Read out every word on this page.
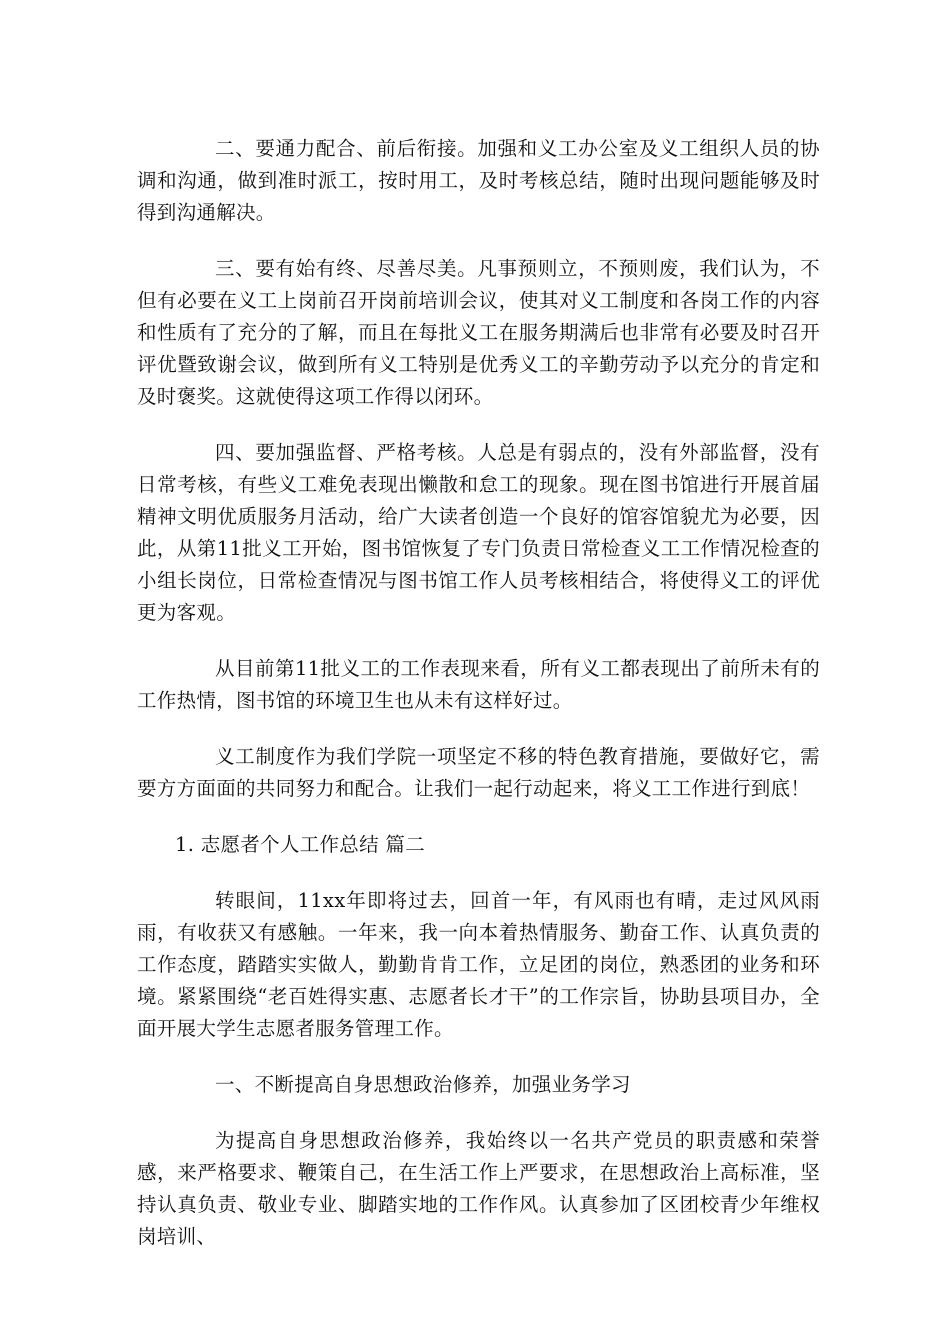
二、要通力配合、前后衔接。加强和义工办公室及义工组织人员的协调和沟通，做到准时派工，按时用工，及时考核总结，随时出现问题能够及时得到沟通解决。

三、要有始有终、尽善尽美。凡事预则立，不预则废，我们认为，不但有必要在义工上岗前召开岗前培训会议，使其对义工制度和各岗工作的内容和性质有了充分的了解，而且在每批义工在服务期满后也非常有必要及时召开评优暨致谢会议，做到所有义工特别是优秀义工的辛勤劳动予以充分的肯定和及时褒奖。这就使得这项工作得以闭环。

四、要加强监督、严格考核。人总是有弱点的，没有外部监督，没有日常考核，有些义工难免表现出懒散和怠工的现象。现在图书馆进行开展首届精神文明优质服务月活动，给广大读者创造一个良好的馆容馆貌尤为必要，因此，从第11批义工开始，图书馆恢复了专门负责日常检查义工工作情况检查的小组长岗位，日常检查情况与图书馆工作人员考核相结合，将使得义工的评优更为客观。

从目前第11批义工的工作表现来看，所有义工都表现出了前所未有的工作热情，图书馆的环境卫生也从未有这样好过。

义工制度作为我们学院一项坚定不移的特色教育措施，要做好它，需要方方面面的共同努力和配合。让我们一起行动起来，将义工工作进行到底！

1. 志愿者个人工作总结 篇二

转眼间，11xx年即将过去，回首一年，有风雨也有晴，走过风风雨雨，有收获又有感触。一年来，我一向本着热情服务、勤奋工作、认真负责的工作态度，踏踏实实做人，勤勤肯肯工作，立足团的岗位，熟悉团的业务和环境。紧紧围绕“老百姓得实惠、志愿者长才干”的工作宗旨，协助县项目办，全面开展大学生志愿者服务管理工作。

一、不断提高自身思想政治修养，加强业务学习

为提高自身思想政治修养，我始终以一名共产党员的职责感和荣誉感，来严格要求、鞭策自己，在生活工作上严要求，在思想政治上高标准，坚持认真负责、敬业专业、脚踏实地的工作作风。认真参加了区团校青少年维权岗培训、
